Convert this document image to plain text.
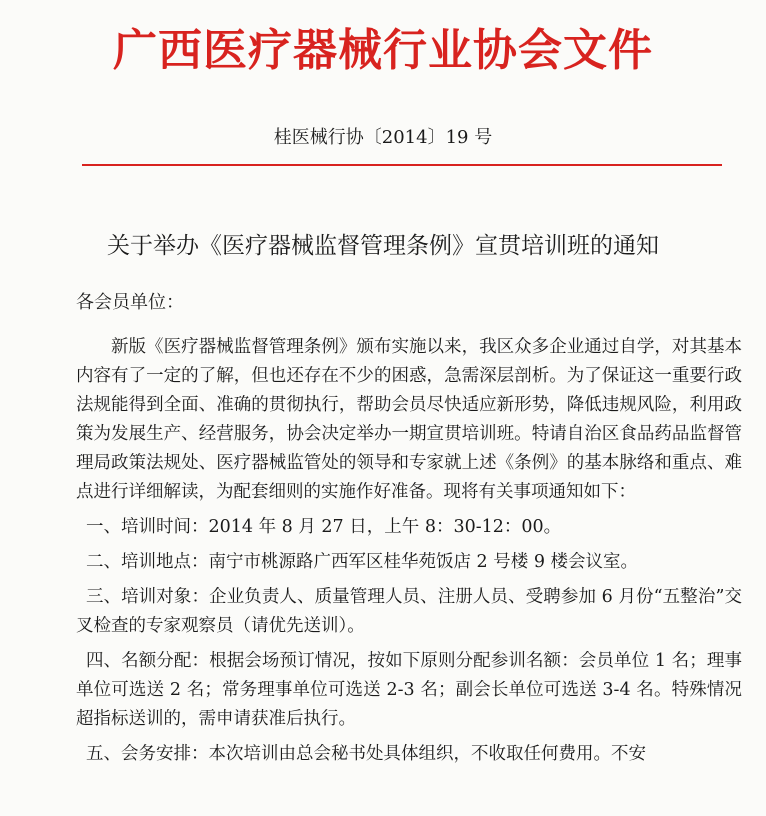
广西医疗器械行业协会文件
桂医械行协〔2014〕19 号
关于举办《医疗器械监督管理条例》宣贯培训班的通知
各会员单位：

新版《医疗器械监督管理条例》颁布实施以来，我区众多企业通过自学，对其基本内容有了一定的了解，但也还存在不少的困惑，急需深层剖析。为了保证这一重要行政法规能得到全面、准确的贯彻执行，帮助会员尽快适应新形势，降低违规风险，利用政策为发展生产、经营服务，协会决定举办一期宣贯培训班。特请自治区食品药品监督管理局政策法规处、医疗器械监管处的领导和专家就上述《条例》的基本脉络和重点、难点进行详细解读，为配套细则的实施作好准备。现将有关事项通知如下：

一、培训时间：2014 年 8 月 27 日，上午 8：30-12：00。

二、培训地点：南宁市桃源路广西军区桂华苑饭店 2 号楼 9 楼会议室。

三、培训对象：企业负责人、质量管理人员、注册人员、受聘参加 6 月份“五整治”交叉检查的专家观察员（请优先送训）。

四、名额分配：根据会场预订情况，按如下原则分配参训名额：会员单位 1 名；理事单位可选送 2 名；常务理事单位可选送 2-3 名；副会长单位可选送 3-4 名。特殊情况超指标送训的，需申请获准后执行。

五、会务安排：本次培训由总会秘书处具体组织，不收取任何费用。不安
